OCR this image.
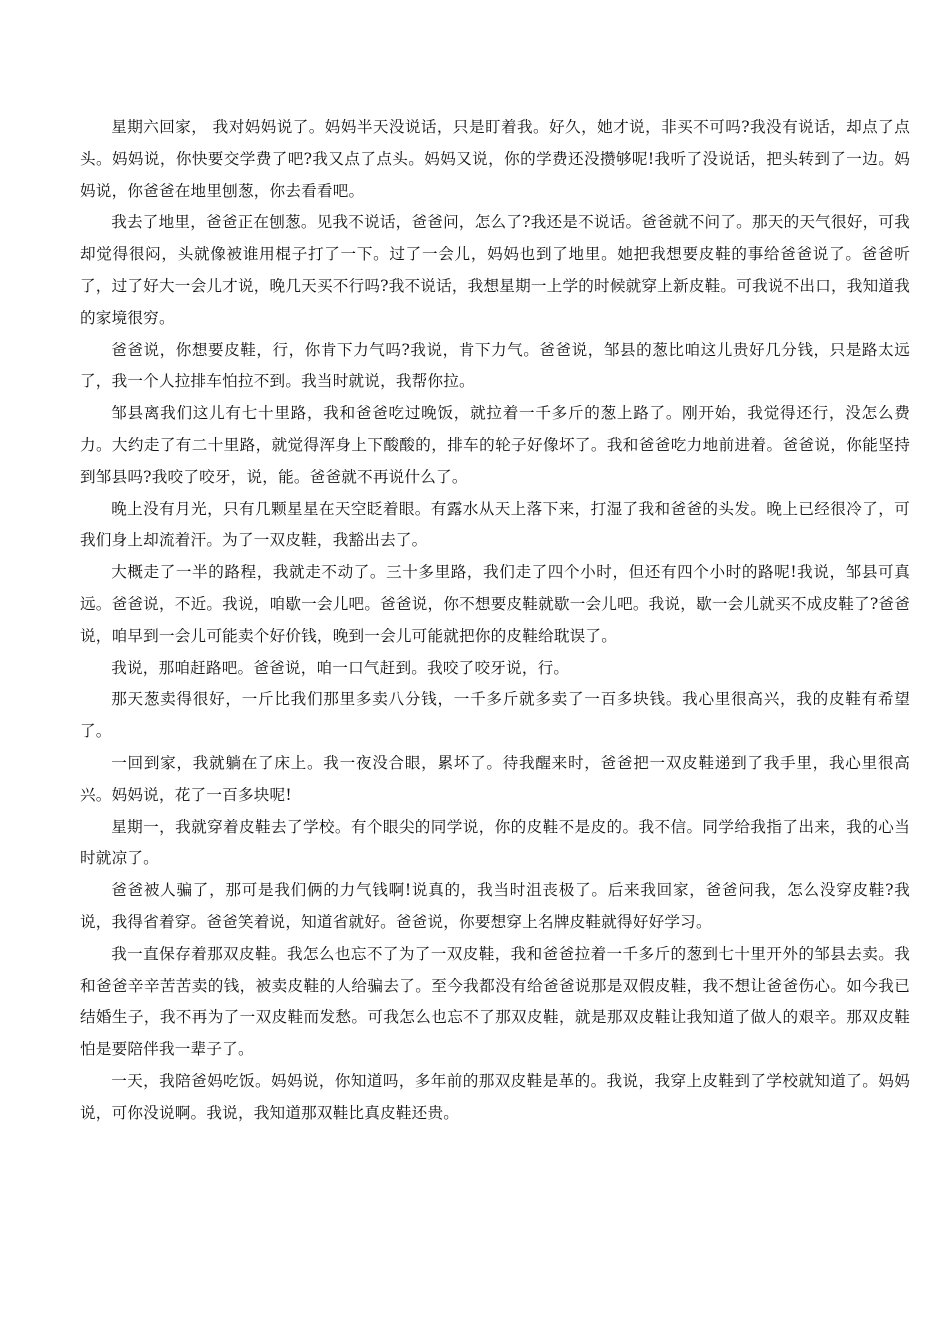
星期六回家， 我对妈妈说了。妈妈半天没说话，只是盯着我。好久，她才说，非买不可吗?我没有说话，却点了点头。妈妈说，你快要交学费了吧?我又点了点头。妈妈又说，你的学费还没攒够呢!我听了没说话，把头转到了一边。妈妈说，你爸爸在地里刨葱，你去看看吧。

我去了地里，爸爸正在刨葱。见我不说话，爸爸问，怎么了?我还是不说话。爸爸就不问了。那天的天气很好，可我却觉得很闷，头就像被谁用棍子打了一下。过了一会儿，妈妈也到了地里。她把我想要皮鞋的事给爸爸说了。爸爸听了，过了好大一会儿才说，晚几天买不行吗?我不说话，我想星期一上学的时候就穿上新皮鞋。可我说不出口，我知道我的家境很穷。

爸爸说，你想要皮鞋，行，你肯下力气吗?我说，肯下力气。爸爸说，邹县的葱比咱这儿贵好几分钱，只是路太远了，我一个人拉排车怕拉不到。我当时就说，我帮你拉。

邹县离我们这儿有七十里路，我和爸爸吃过晚饭，就拉着一千多斤的葱上路了。刚开始，我觉得还行，没怎么费力。大约走了有二十里路，就觉得浑身上下酸酸的，排车的轮子好像坏了。我和爸爸吃力地前进着。爸爸说，你能坚持到邹县吗?我咬了咬牙，说，能。爸爸就不再说什么了。

晚上没有月光，只有几颗星星在天空眨着眼。有露水从天上落下来，打湿了我和爸爸的头发。晚上已经很冷了，可我们身上却流着汗。为了一双皮鞋，我豁出去了。

大概走了一半的路程，我就走不动了。三十多里路，我们走了四个小时，但还有四个小时的路呢!我说，邹县可真远。爸爸说，不近。我说，咱歇一会儿吧。爸爸说，你不想要皮鞋就歇一会儿吧。我说，歇一会儿就买不成皮鞋了?爸爸说，咱早到一会儿可能卖个好价钱，晚到一会儿可能就把你的皮鞋给耽误了。

我说，那咱赶路吧。爸爸说，咱一口气赶到。我咬了咬牙说，行。

那天葱卖得很好，一斤比我们那里多卖八分钱，一千多斤就多卖了一百多块钱。我心里很高兴，我的皮鞋有希望了。

一回到家，我就躺在了床上。我一夜没合眼，累坏了。待我醒来时，爸爸把一双皮鞋递到了我手里，我心里很高兴。妈妈说，花了一百多块呢!

星期一，我就穿着皮鞋去了学校。有个眼尖的同学说，你的皮鞋不是皮的。我不信。同学给我指了出来，我的心当时就凉了。

爸爸被人骗了，那可是我们俩的力气钱啊!说真的，我当时沮丧极了。后来我回家，爸爸问我，怎么没穿皮鞋?我说，我得省着穿。爸爸笑着说，知道省就好。爸爸说，你要想穿上名牌皮鞋就得好好学习。

我一直保存着那双皮鞋。我怎么也忘不了为了一双皮鞋，我和爸爸拉着一千多斤的葱到七十里开外的邹县去卖。我和爸爸辛辛苦苦卖的钱，被卖皮鞋的人给骗去了。至今我都没有给爸爸说那是双假皮鞋，我不想让爸爸伤心。如今我已结婚生子，我不再为了一双皮鞋而发愁。可我怎么也忘不了那双皮鞋，就是那双皮鞋让我知道了做人的艰辛。那双皮鞋怕是要陪伴我一辈子了。

一天，我陪爸妈吃饭。妈妈说，你知道吗，多年前的那双皮鞋是革的。我说，我穿上皮鞋到了学校就知道了。妈妈说，可你没说啊。我说，我知道那双鞋比真皮鞋还贵。
